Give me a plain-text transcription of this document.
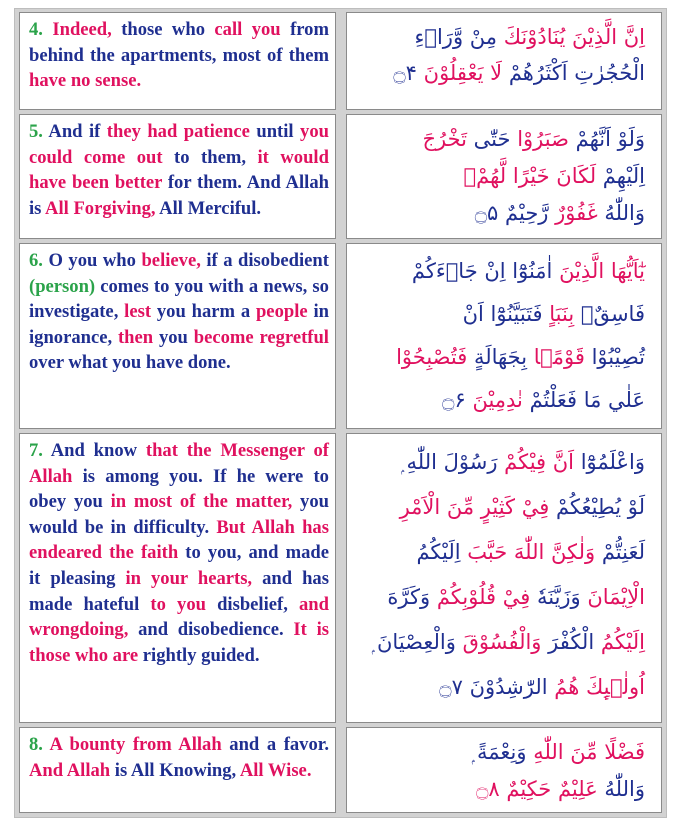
4. Indeed, those who call you from behind the apartments, most of them have no sense.
اِنَّ الَّذِيْنَ يُنَادُوْنَكَ مِنْ وَّرَاۗءِ
الْحُجُرٰتِ اَكْثَرُهُمْ لَا يَعْقِلُوْنَ ۝۴
5. And if they had patience until you could come out to them, it would have been better for them. And Allah is All Forgiving, All Merciful.
وَلَوْ اَنَّهُمْ صَبَرُوْا حَتّٰى تَخْرُجَ
اِلَيْهِمْ لَكَانَ خَيْرًا لَّهُمْ
وَاللّٰهُ غَفُوْرٌ رَّحِيْمٌ ۝۵
6. O you who believe, if a disobedient (person) comes to you with a news, so investigate, lest you harm a people in ignorance, then you become regretful over what you have done.
يٰٓاَيُّهَا الَّذِيْنَ اٰمَنُوْٓا اِنْ جَاۗءَكُمْ
فَاسِقٌۢ بِنَبَاٍ فَتَبَيَّنُوْٓا اَنْ
تُصِيْبُوْا قَوْمًۢا بِجَهَالَةٍ فَتُصْبِحُوْا
عَلٰي مَا فَعَلْتُمْ نٰدِمِيْنَ ۝۶
7. And know that the Messenger of Allah is among you. If he were to obey you in most of the matter, you would be in difficulty. But Allah has endeared the faith to you, and made it pleasing in your hearts, and has made hateful to you disbelief, and wrongdoing, and disobedience. It is those who are rightly guided.
وَاعْلَمُوْٓا اَنَّ فِيْكُمْ رَسُوْلَ اللّٰهِ ۭ
لَوْ يُطِيْعُكُمْ فِيْ كَثِيْرٍ مِّنَ الْاَمْرِ
لَعَنِتُّمْ وَلٰكِنَّ اللّٰهَ حَبَّبَ اِلَيْكُمُ
الْاِيْمَانَ وَزَيَّنَهٗ فِيْ قُلُوْبِكُمْ وَكَرَّهَ
اِلَيْكُمُ الْكُفْرَ وَالْفُسُوْقَ وَالْعِصْيَانَ ۭ
اُولٰۗىِٕكَ هُمُ الرّٰشِدُوْنَ ۝۷
8. A bounty from Allah and a favor. And Allah is All Knowing, All Wise.
فَضْلًا مِّنَ اللّٰهِ وَنِعْمَةً ۭ
وَاللّٰهُ عَلِيْمٌ حَكِيْمٌ ۝۸
